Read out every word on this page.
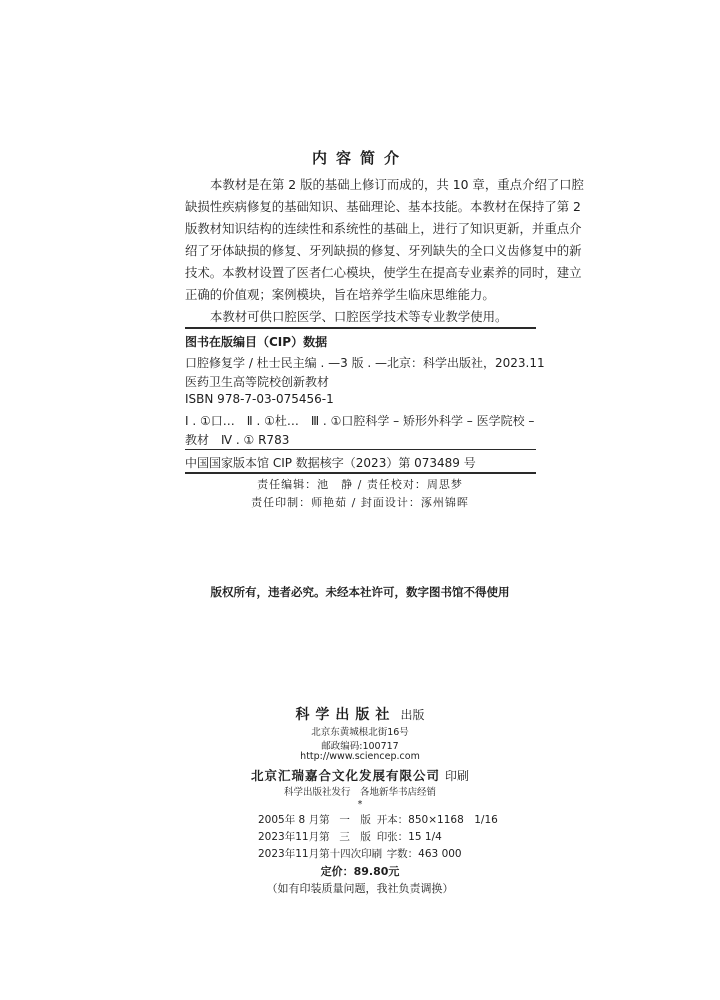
内容简介

本教材是在第 2 版的基础上修订而成的，共 10 章，重点介绍了口腔

缺损性疾病修复的基础知识、基础理论、基本技能。本教材在保持了第 2

版教材知识结构的连续性和系统性的基础上，进行了知识更新，并重点介

绍了牙体缺损的修复、牙列缺损的修复、牙列缺失的全口义齿修复中的新

技术。本教材设置了医者仁心模块，使学生在提高专业素养的同时，建立

正确的价值观；案例模块，旨在培养学生临床思维能力。

本教材可供口腔医学、口腔医学技术等专业教学使用。

图书在版编目（CIP）数据
口腔修复学 / 杜士民主编 . —3 版 . —北京：科学出版社，2023.11
医药卫生高等院校创新教材
ISBN 978-7-03-075456-1
Ⅰ . ①口…　Ⅱ . ①杜…　Ⅲ . ①口腔科学 – 矫形外科学 – 医学院校 –
教材　Ⅳ . ① R783
中国国家版本馆 CIP 数据核字（2023）第 073489 号
责任编辑：池　静 / 责任校对：周思梦
责任印制：师艳茹 / 封面设计：涿州锦晖
版权所有，违者必究。未经本社许可，数字图书馆不得使用
科学出版社 出版
北京东黄城根北街16号
邮政编码:100717
http://www.sciencep.com
北京汇瑞嘉合文化发展有限公司 印刷
科学出版社发行　各地新华书店经销
*
2005年 8 月第 一　版 开本：850×1168　1/16
2023年11月第 三　版 印张：15 1/4
2023年11月第十四次印刷 字数：463 000
定价：89.80元
（如有印装质量问题，我社负责调换）
